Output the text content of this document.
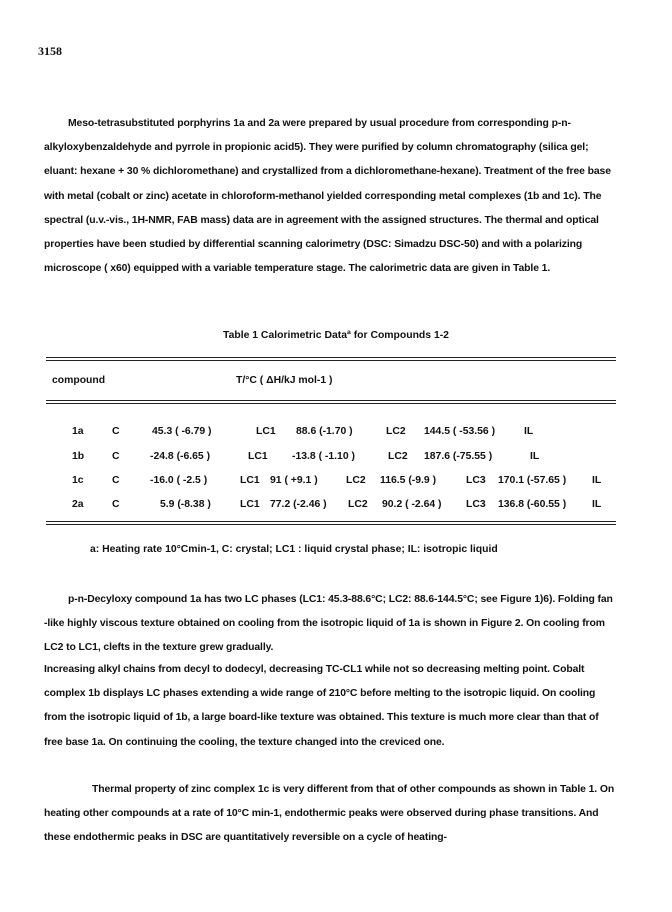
3158
Meso-tetrasubstituted porphyrins 1a and 2a were prepared by usual procedure from corresponding p-n-alkyloxybenzaldehyde and pyrrole in propionic acid5). They were purified by column chromatography (silica gel; eluant: hexane + 30 % dichloromethane) and crystallized from a dichloromethane-hexane). Treatment of the free base with metal (cobalt or zinc) acetate in chloroform-methanol yielded corresponding metal complexes (1b and 1c). The spectral (u.v.-vis., 1H-NMR, FAB mass) data are in agreement with the assigned structures. The thermal and optical properties have been studied by differential scanning calorimetry (DSC: Simadzu DSC-50) and with a polarizing microscope ( x60) equipped with a variable temperature stage. The calorimetric data are given in Table 1.
Table 1 Calorimetric Dataª for Compounds 1-2
compound	T/°C ( ΔH/kJ mol-1 )
1a	C	45.3 ( -6.79 )	LC1 88.6 (-1.70 )	LC2 144.5 ( -53.56 )	IL
1b	C	-24.8 (-6.65 )	LC1 -13.8 ( -1.10 )	LC2 187.6 (-75.55 )	IL
1c	C	-16.0 ( -2.5 )	LC1 91 ( +9.1 )	LC2 116.5 (-9.9 )	LC3 170.1 (-57.65 ) IL
2a	C	5.9 (-8.38 )	LC1 77.2 (-2.46 ) LC2 90.2 ( -2.64 ) LC3 136.8 (-60.55 ) IL
a: Heating rate 10°Cmin-1, C: crystal; LC1 : liquid crystal phase; IL: isotropic liquid
p-n-Decyloxy compound 1a has two LC phases (LC1: 45.3-88.6°C; LC2: 88.6-144.5°C; see Figure 1)6). Folding fan -like highly viscous texture obtained on cooling from the isotropic liquid of 1a is shown in Figure 2. On cooling from LC2 to LC1, clefts in the texture grew gradually.
Increasing alkyl chains from decyl to dodecyl, decreasing TC-CL1 while not so decreasing melting point. Cobalt complex 1b displays LC phases extending a wide range of 210°C before melting to the isotropic liquid. On cooling from the isotropic liquid of 1b, a large board-like texture was obtained. This texture is much more clear than that of free base 1a. On continuing the cooling, the texture changed into the creviced one.
Thermal property of zinc complex 1c is very different from that of other compounds as shown in Table 1. On heating other compounds at a rate of 10°C min-1, endothermic peaks were observed during phase transitions. And these endothermic peaks in DSC are quantitatively reversible on a cycle of heating-
